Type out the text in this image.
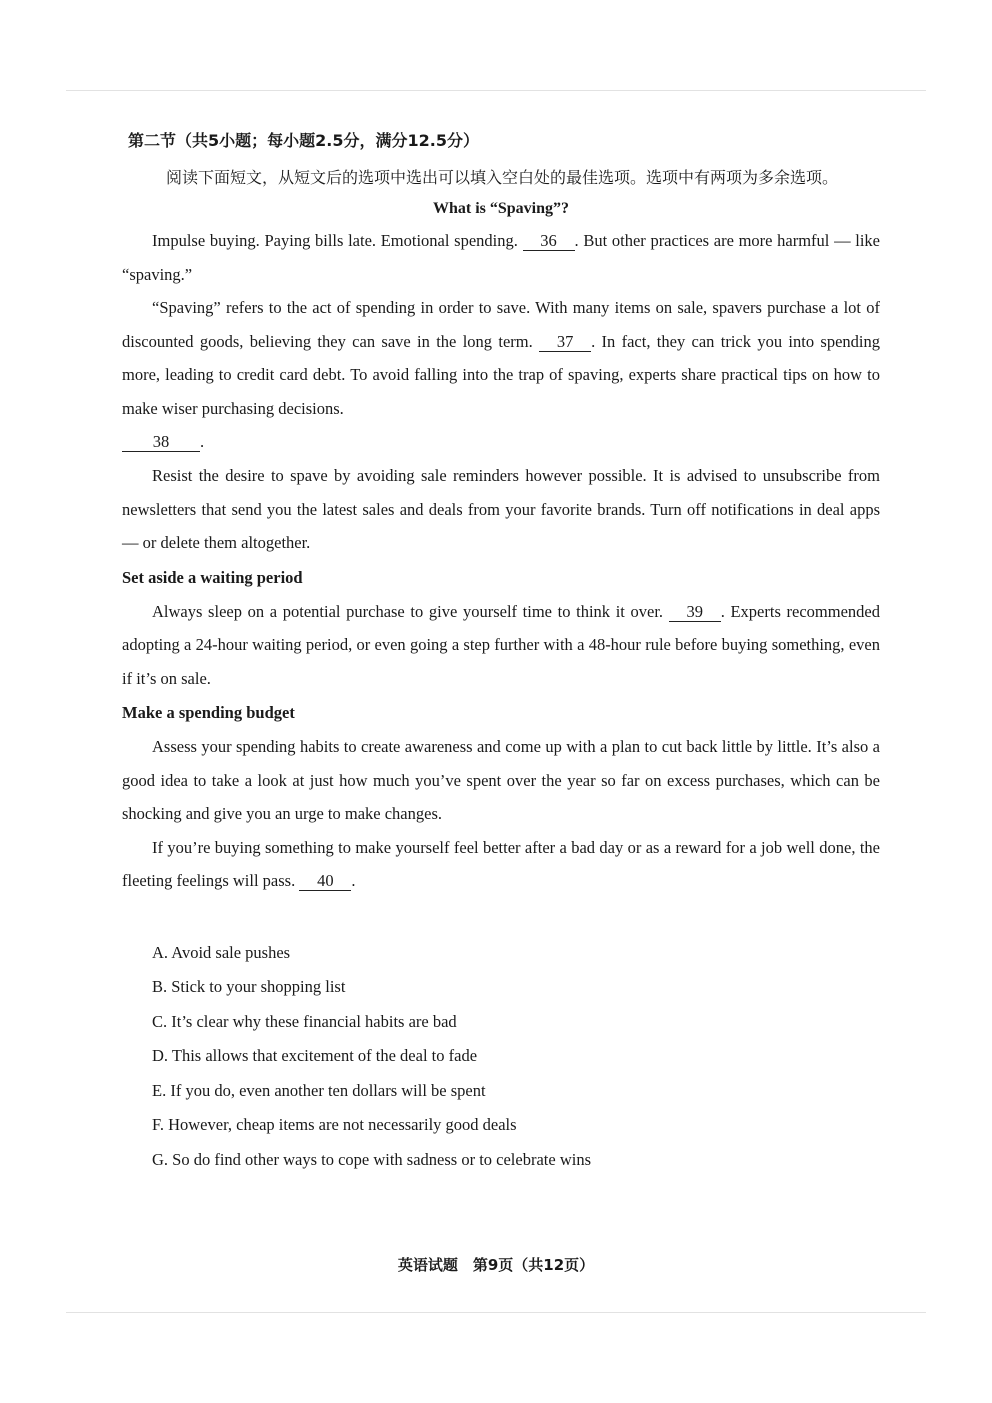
第二节（共5小题；每小题2.5分，满分12.5分）
阅读下面短文，从短文后的选项中选出可以填入空白处的最佳选项。选项中有两项为多余选项。
What is “Spaving”?

Impulse buying. Paying bills late. Emotional spending. 36 . But other practices are more harmful — like “spaving.”

“Spaving” refers to the act of spending in order to save. With many items on sale, spavers purchase a lot of discounted goods, believing they can save in the long term. 37 . In fact, they can trick you into spending more, leading to credit card debt. To avoid falling into the trap of spaving, experts share practical tips on how to make wiser purchasing decisions.

38 .

Resist the desire to spave by avoiding sale reminders however possible. It is advised to unsubscribe from newsletters that send you the latest sales and deals from your favorite brands. Turn off notifications in deal apps — or delete them altogether.

Set aside a waiting period

Always sleep on a potential purchase to give yourself time to think it over. 39 . Experts recommended adopting a 24-hour waiting period, or even going a step further with a 48-hour rule before buying something, even if it’s on sale.

Make a spending budget

Assess your spending habits to create awareness and come up with a plan to cut back little by little. It’s also a good idea to take a look at just how much you’ve spent over the year so far on excess purchases, which can be shocking and give you an urge to make changes.

If you’re buying something to make yourself feel better after a bad day or as a reward for a job well done, the fleeting feelings will pass. 40 .

A. Avoid sale pushes

B. Stick to your shopping list

C. It’s clear why these financial habits are bad

D. This allows that excitement of the deal to fade

E. If you do, even another ten dollars will be spent

F. However, cheap items are not necessarily good deals

G. So do find other ways to cope with sadness or to celebrate wins

英语试题　第9页（共12页）
